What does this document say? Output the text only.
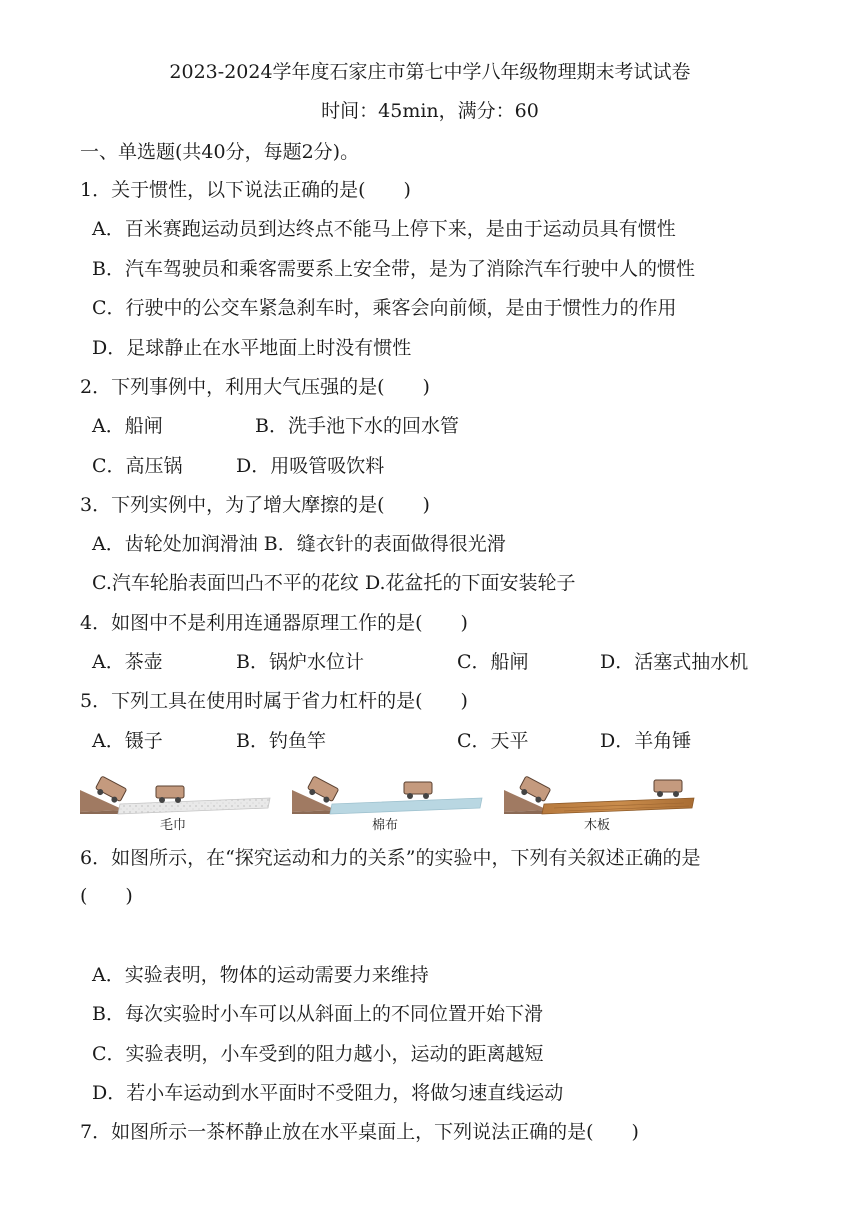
2023-2024学年度石家庄市第七中学八年级物理期末考试试卷
时间：45min，满分：60
一、单选题(共40分，每题2分)。
1．关于惯性，以下说法正确的是(　　)
A．百米赛跑运动员到达终点不能马上停下来，是由于运动员具有惯性
B．汽车驾驶员和乘客需要系上安全带，是为了消除汽车行驶中人的惯性
C．行驶中的公交车紧急刹车时，乘客会向前倾，是由于惯性力的作用
D．足球静止在水平地面上时没有惯性
2．下列事例中，利用大气压强的是(　　)
A．船闸	B．洗手池下水的回水管
C．高压锅	D．用吸管吸饮料
3．下列实例中，为了增大摩擦的是(　　)
A．齿轮处加润滑油 B．缝衣针的表面做得很光滑
C.汽车轮胎表面凹凸不平的花纹 D.花盆托的下面安装轮子
4．如图中不是利用连通器原理工作的是(　　)
A．茶壶	B．锅炉水位计	C．船闸	D．活塞式抽水机
5．下列工具在使用时属于省力杠杆的是(　　)
A．镊子	B．钓鱼竿	C．天平	D．羊角锤
毛巾	棉布	木板
6．如图所示，在“探究运动和力的关系”的实验中，下列有关叙述正确的是
(　　)
A．实验表明，物体的运动需要力来维持
B．每次实验时小车可以从斜面上的不同位置开始下滑
C．实验表明，小车受到的阻力越小，运动的距离越短
D．若小车运动到水平面时不受阻力，将做匀速直线运动
7．如图所示一茶杯静止放在水平桌面上，下列说法正确的是(　　)
